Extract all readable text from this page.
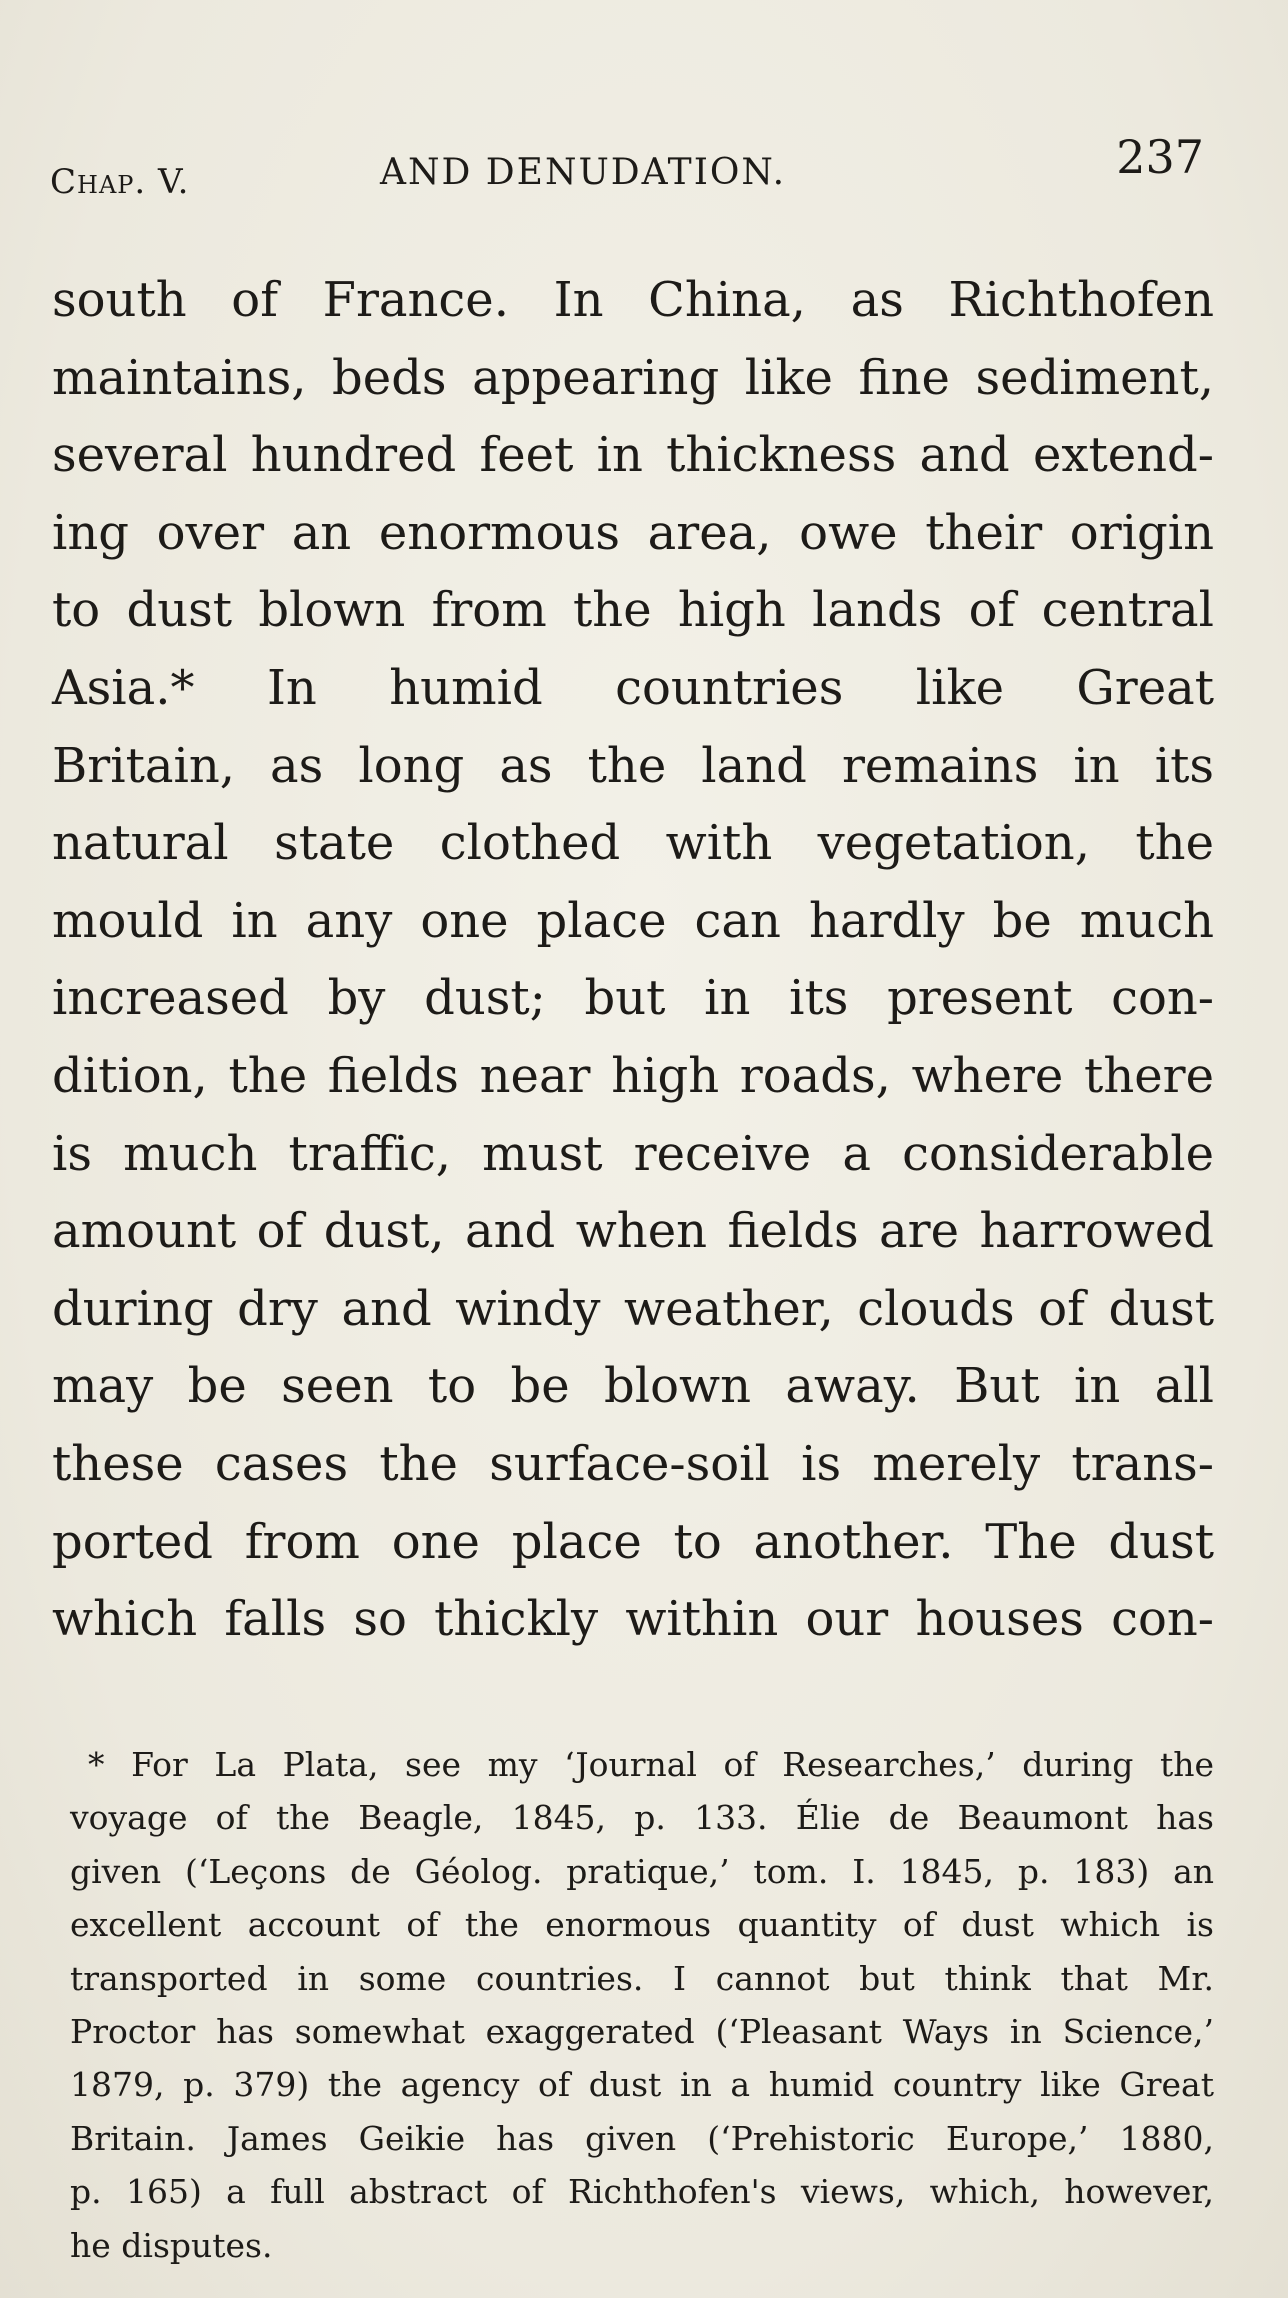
Chap. V.	AND DENUDATION.	237
south of France. In China, as Richthofen
maintains, beds appearing like fine sediment,
several hundred feet in thickness and extend-
ing over an enormous area, owe their origin
to dust blown from the high lands of central
Asia.* In humid countries like Great
Britain, as long as the land remains in its
natural state clothed with vegetation, the
mould in any one place can hardly be much
increased by dust; but in its present con-
dition, the fields near high roads, where there
is much traffic, must receive a considerable
amount of dust, and when fields are harrowed
during dry and windy weather, clouds of dust
may be seen to be blown away. But in all
these cases the surface-soil is merely trans-
ported from one place to another. The dust
which falls so thickly within our houses con-
* For La Plata, see my ‘Journal of Researches,’ during the
voyage of the Beagle, 1845, p. 133. Élie de Beaumont has
given (‘Leçons de Géolog. pratique,’ tom. I. 1845, p. 183) an
excellent account of the enormous quantity of dust which is
transported in some countries. I cannot but think that Mr.
Proctor has somewhat exaggerated (‘Pleasant Ways in Science,’
1879, p. 379) the agency of dust in a humid country like Great
Britain. James Geikie has given (‘Prehistoric Europe,’ 1880,
p. 165) a full abstract of Richthofen's views, which, however,
he disputes.
